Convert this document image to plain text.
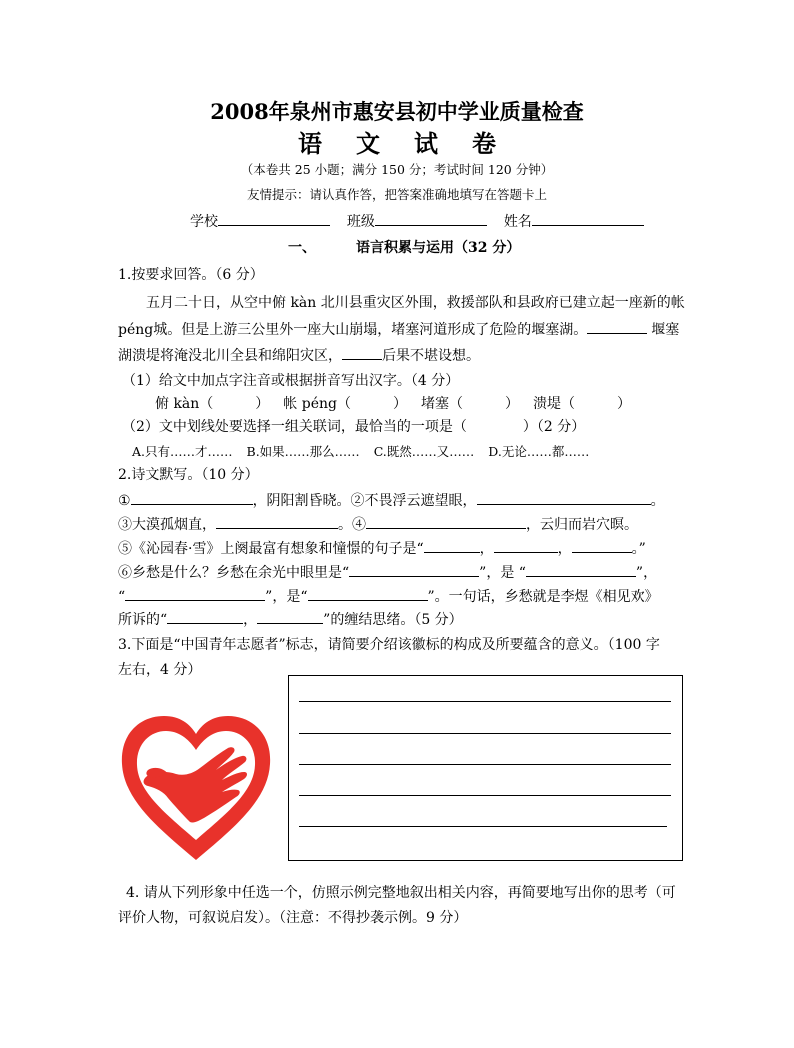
2008年泉州市惠安县初中学业质量检查
语 文 试 卷
（本卷共 25 小题；满分 150 分；考试时间 120 分钟）
友情提示：请认真作答，把答案准确地填写在答题卡上
学校	班级	姓名
一、	语言积累与运用（32 分）
1.按要求回答。（6 分）
五月二十日，从空中俯 kàn 北川县重灾区外围，救援部队和县政府已建立起一座新的帐
péng城。但是上游三公里外一座大山崩塌，堵塞河道形成了危险的堰塞湖。	堰塞
湖溃堤将淹没北川全县和绵阳灾区，	后果不堪设想。
（1）给文中加点字注音或根据拼音写出汉字。（4 分）
俯 kàn（	） 帐 péng（	） 堵塞（	） 溃堤（	）
（2）文中划线处要选择一组关联词，最恰当的一项是（	）（2 分）
A.只有……才…… B.如果……那么…… C.既然……又…… D.无论……都……
2.诗文默写。（10 分）
①	，阴阳割昏晓。②不畏浮云遮望眼，	。
③大漠孤烟直，	。④	，云归而岩穴暝。
⑤《沁园春·雪》上阕最富有想象和憧憬的句子是“	，	，	。”
⑥乡愁是什么？乡愁在余光中眼里是“	”，是 “	”，
“	”，是“	”。一句话，乡愁就是李煜《相见欢》
所诉的“	，	”的缠结思绪。（5 分）
3.下面是“中国青年志愿者”标志，请简要介绍该徽标的构成及所要蕴含的意义。（100 字
左右，4 分）
4. 请从下列形象中任选一个，仿照示例完整地叙出相关内容，再简要地写出你的思考（可
评价人物，可叙说启发）。（注意：不得抄袭示例。9 分）
